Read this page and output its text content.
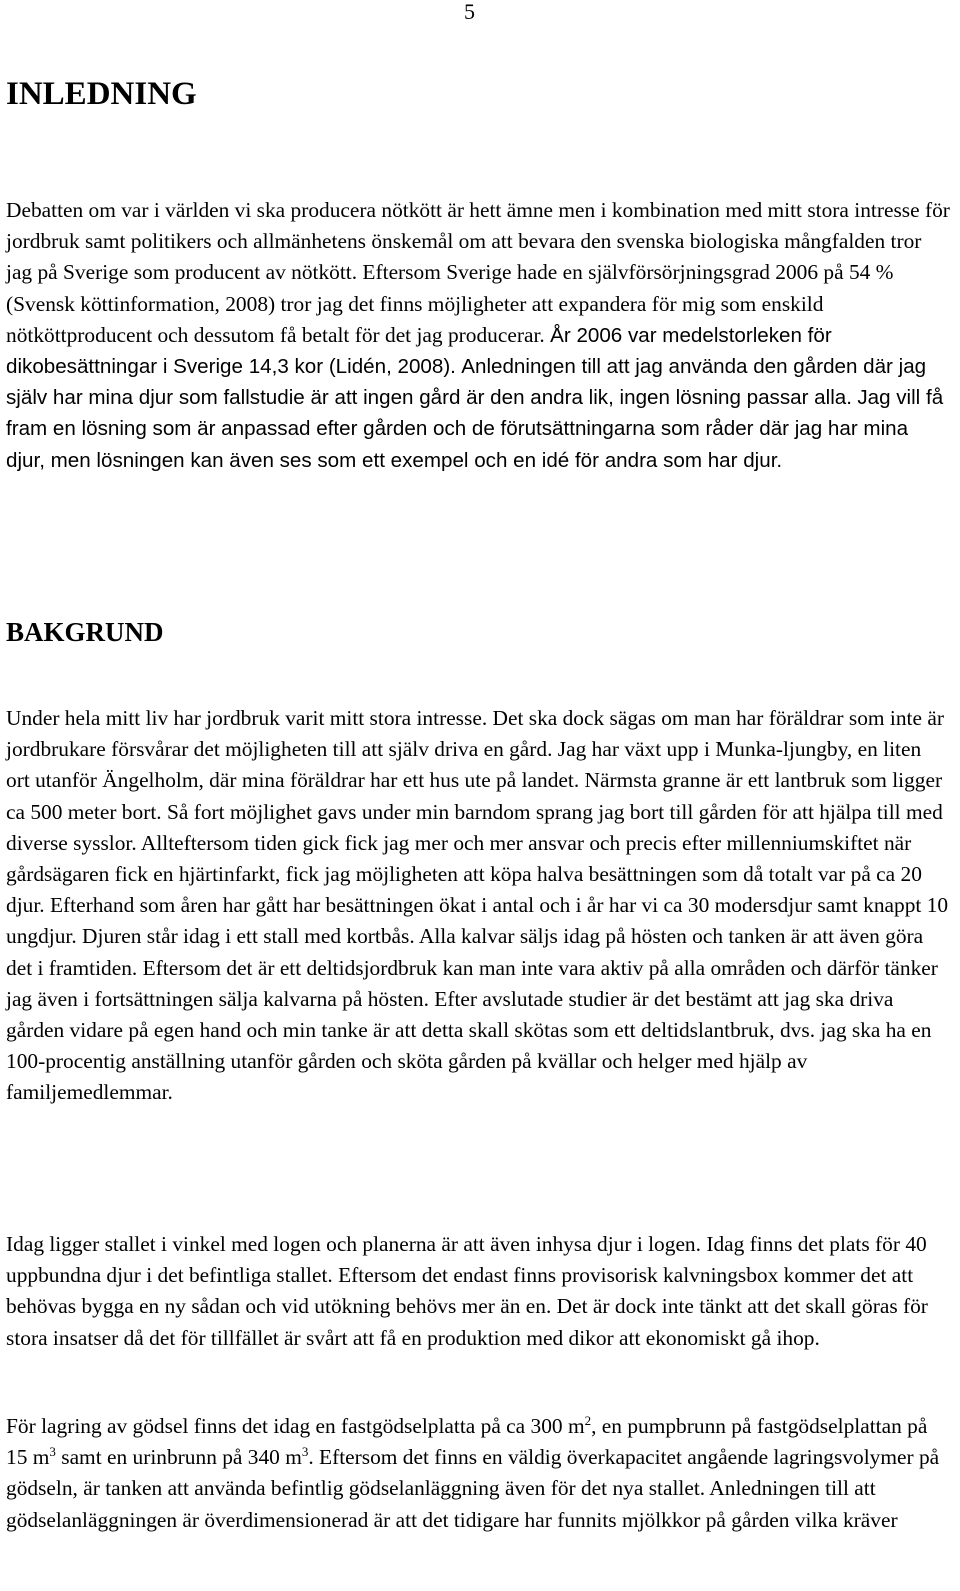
5
INLEDNING

Debatten om var i världen vi ska producera nötkött är hett ämne men i kombination med mitt stora intresse för jordbruk samt politikers och allmänhetens önskemål om att bevara den svenska biologiska mångfalden tror jag på Sverige som producent av nötkött. Eftersom Sverige hade en självförsörjningsgrad 2006 på 54 % (Svensk köttinformation, 2008) tror jag det finns möjligheter att expandera för mig som enskild nötköttproducent och dessutom få betalt för det jag producerar. År 2006 var medelstorleken för dikobesättningar i Sverige 14,3 kor (Lidén, 2008). Anledningen till att jag använda den gården där jag själv har mina djur som fallstudie är att ingen gård är den andra lik, ingen lösning passar alla. Jag vill få fram en lösning som är anpassad efter gården och de förutsättningarna som råder där jag har mina djur, men lösningen kan även ses som ett exempel och en idé för andra som har djur.

BAKGRUND

Under hela mitt liv har jordbruk varit mitt stora intresse. Det ska dock sägas om man har föräldrar som inte är jordbrukare försvårar det möjligheten till att själv driva en gård. Jag har växt upp i Munka-ljungby, en liten ort utanför Ängelholm, där mina föräldrar har ett hus ute på landet. Närmsta granne är ett lantbruk som ligger ca 500 meter bort. Så fort möjlighet gavs under min barndom sprang jag bort till gården för att hjälpa till med diverse sysslor. Allteftersom tiden gick fick jag mer och mer ansvar och precis efter millenniumskiftet när gårdsägaren fick en hjärtinfarkt, fick jag möjligheten att köpa halva besättningen som då totalt var på ca 20 djur. Efterhand som åren har gått har besättningen ökat i antal och i år har vi ca 30 modersdjur samt knappt 10 ungdjur. Djuren står idag i ett stall med kortbås. Alla kalvar säljs idag på hösten och tanken är att även göra det i framtiden. Eftersom det är ett deltidsjordbruk kan man inte vara aktiv på alla områden och därför tänker jag även i fortsättningen sälja kalvarna på hösten. Efter avslutade studier är det bestämt att jag ska driva gården vidare på egen hand och min tanke är att detta skall skötas som ett deltidslantbruk, dvs. jag ska ha en 100-procentig anställning utanför gården och sköta gården på kvällar och helger med hjälp av familjemedlemmar.

Idag ligger stallet i vinkel med logen och planerna är att även inhysa djur i logen. Idag finns det plats för 40 uppbundna djur i det befintliga stallet. Eftersom det endast finns provisorisk kalvningsbox kommer det att behövas bygga en ny sådan och vid utökning behövs mer än en. Det är dock inte tänkt att det skall göras för stora insatser då det för tillfället är svårt att få en produktion med dikor att ekonomiskt gå ihop.

För lagring av gödsel finns det idag en fastgödselplatta på ca 300 $m^2$, en pumpbrunn på fastgödselplattan på 15 $m^3$ samt en urinbrunn på 340 $m^3$. Eftersom det finns en väldig överkapacitet angående lagringsvolymer på gödseln, är tanken att använda befintlig gödselanläggning även för det nya stallet. Anledningen till att gödselanläggningen är överdimensionerad är att det tidigare har funnits mjölkkor på gården vilka kräver
